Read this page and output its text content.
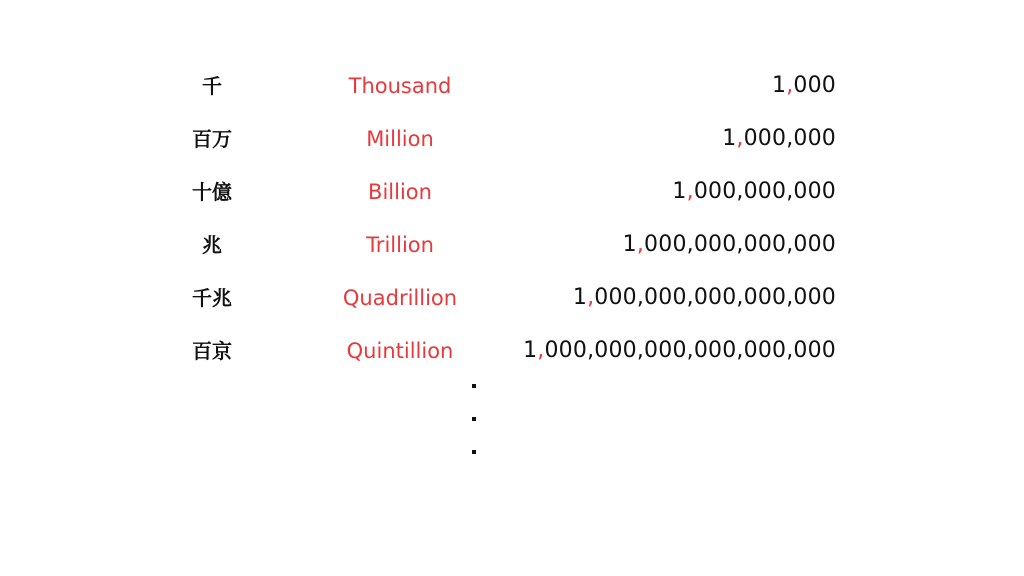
千	Thousand	1,000
百万	Million	1,000,000
十億	Billion	1,000,000,000
兆	Trillion	1,000,000,000,000
千兆	Quadrillion	1,000,000,000,000,000
百京	Quintillion	1,000,000,000,000,000,000
